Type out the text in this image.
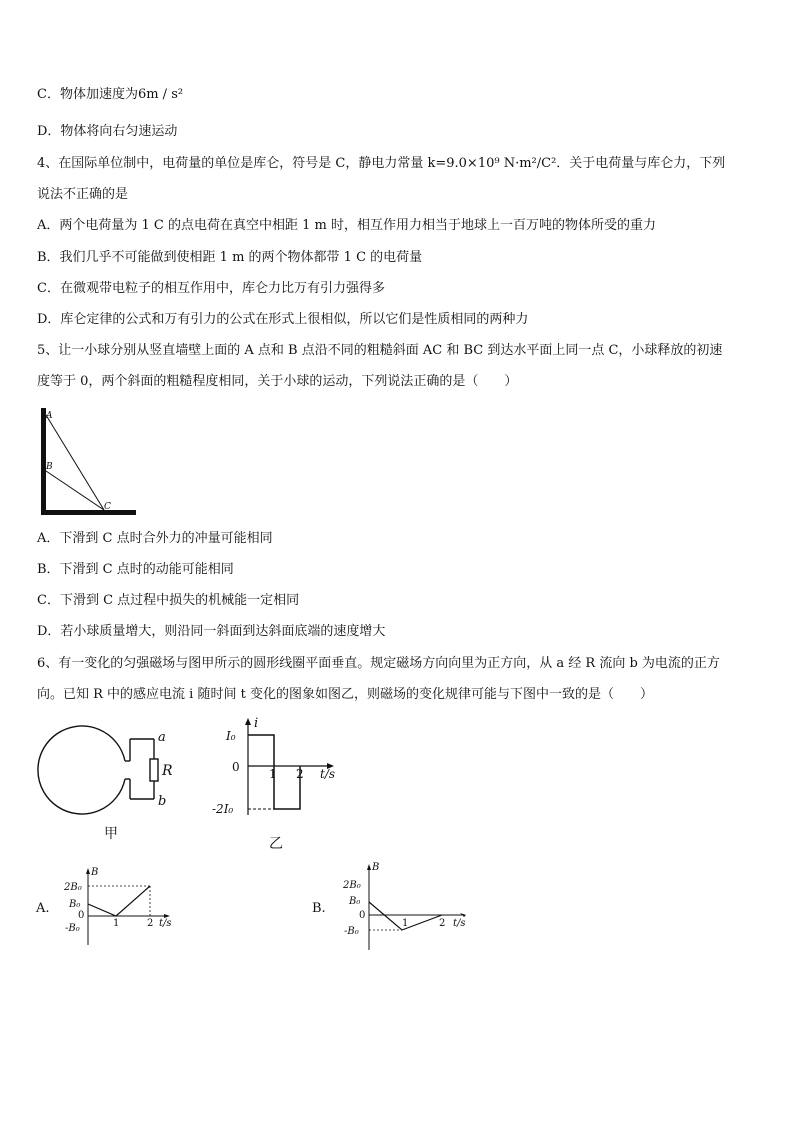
C．物体加速度为6m / s²
D．物体将向右匀速运动
4、在国际单位制中，电荷量的单位是库仑，符号是 C，静电力常量 k=9.0×10⁹ N·m²/C²．关于电荷量与库仑力，下列
说法不正确的是
A．两个电荷量为 1 C 的点电荷在真空中相距 1 m 时，相互作用力相当于地球上一百万吨的物体所受的重力
B．我们几乎不可能做到使相距 1 m 的两个物体都带 1 C 的电荷量
C．在微观带电粒子的相互作用中，库仑力比万有引力强得多
D．库仑定律的公式和万有引力的公式在形式上很相似，所以它们是性质相同的两种力
5、让一小球分别从竖直墙壁上面的 A 点和 B 点沿不同的粗糙斜面 AC 和 BC 到达水平面上同一点 C，小球释放的初速
度等于 0，两个斜面的粗糙程度相同，关于小球的运动，下列说法正确的是（　　）
A
B
C
A．下滑到 C 点时合外力的冲量可能相同
B．下滑到 C 点时的动能可能相同
C．下滑到 C 点过程中损失的机械能一定相同
D．若小球质量增大，则沿同一斜面到达斜面底端的速度增大
6、有一变化的匀强磁场与图甲所示的圆形线圈平面垂直。规定磁场方向向里为正方向，从 a 经 R 流向 b 为电流的正方
向。已知 R 中的感应电流 i 随时间 t 变化的图象如图乙，则磁场的变化规律可能与下图中一致的是（　　）
a
R
b
甲
i
I₀
0 1 2 t/s
-2I₀
乙
A.
B
2B₀
B₀
0
-B₀	1	2 t/s
B.
B
2B₀
B₀
0
-B₀
1	2 t/s
